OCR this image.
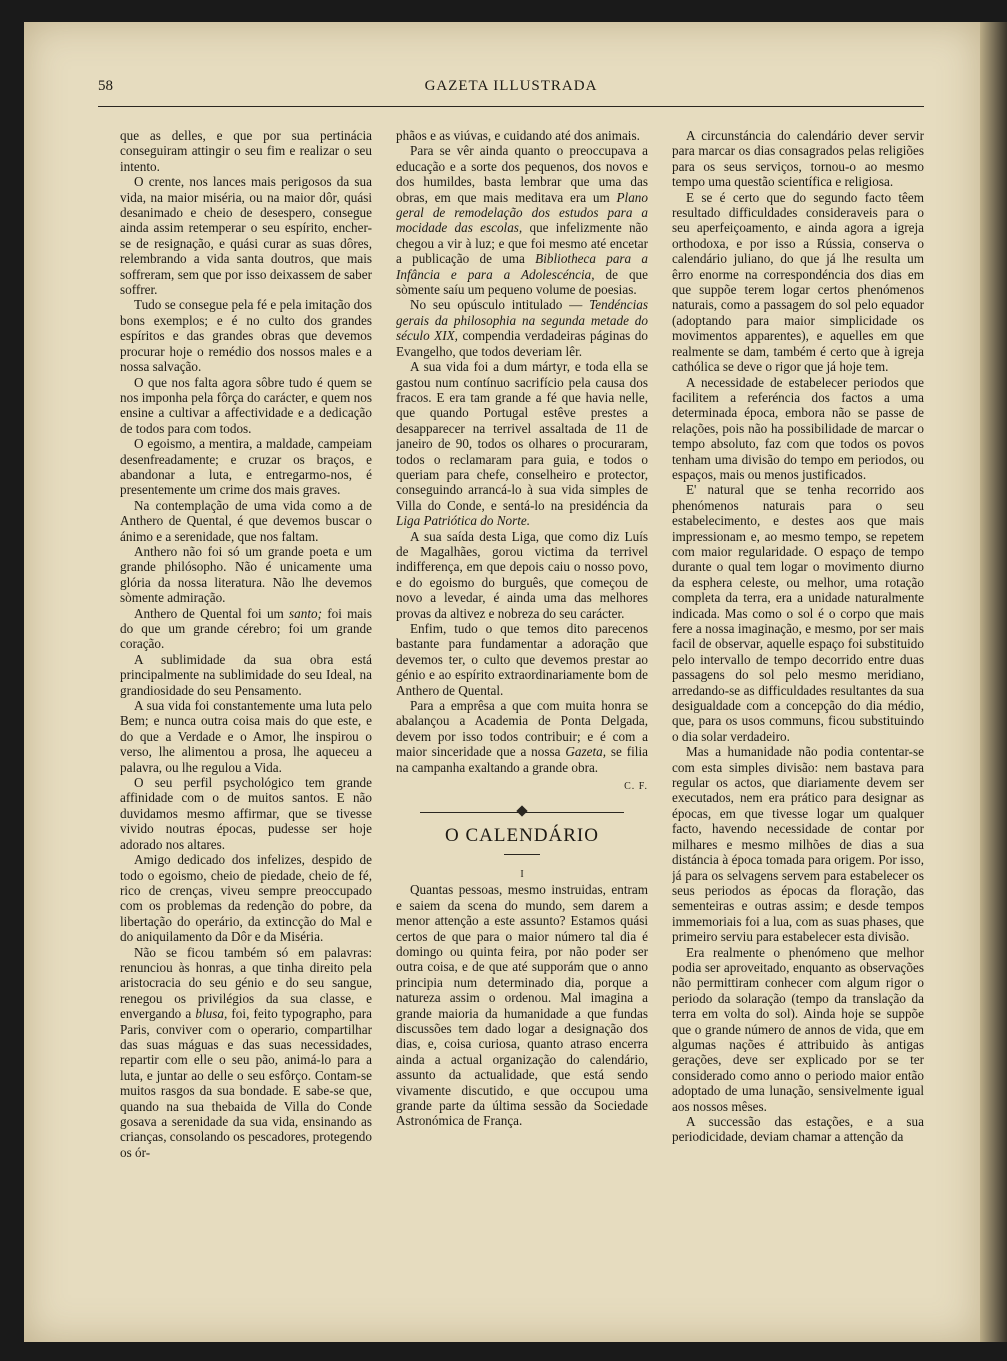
58	GAZETA ILLUSTRADA

que as delles, e que por sua pertinácia conseguiram attingir o seu fim e realizar o seu intento.

O crente, nos lances mais perigosos da sua vida, na maior miséria, ou na maior dôr, quási desanimado e cheio de desespero, consegue ainda assim retemperar o seu espírito, encher-se de resignação, e quási curar as suas dôres, relembrando a vida santa doutros, que mais soffreram, sem que por isso deixassem de saber soffrer.

Tudo se consegue pela fé e pela imitação dos bons exemplos; e é no culto dos grandes espíritos e das grandes obras que devemos procurar hoje o remédio dos nossos males e a nossa salvação.

O que nos falta agora sôbre tudo é quem se nos imponha pela fôrça do carácter, e quem nos ensine a cultivar a affectividade e a dedicação de todos para com todos.

O egoismo, a mentira, a maldade, campeiam desenfreadamente; e cruzar os braços, e abandonar a luta, e entregarmo-nos, é presentemente um crime dos mais graves.

Na contemplação de uma vida como a de Anthero de Quental, é que devemos buscar o ánimo e a serenidade, que nos faltam.

Anthero não foi só um grande poeta e um grande philósopho. Não é unicamente uma glória da nossa literatura. Não lhe devemos sòmente admiração.

Anthero de Quental foi um santo; foi mais do que um grande cérebro; foi um grande coração.

A sublimidade da sua obra está principalmente na sublimidade do seu Ideal, na grandiosidade do seu Pensamento.

A sua vida foi constantemente uma luta pelo Bem; e nunca outra coisa mais do que este, e do que a Verdade e o Amor, lhe inspirou o verso, lhe alimentou a prosa, lhe aqueceu a palavra, ou lhe regulou a Vida.

O seu perfil psychológico tem grande affinidade com o de muitos santos. E não duvidamos mesmo affirmar, que se tivesse vivido noutras épocas, pudesse ser hoje adorado nos altares.

Amigo dedicado dos infelizes, despido de todo o egoismo, cheio de piedade, cheio de fé, rico de crenças, viveu sempre preoccupado com os problemas da redenção do pobre, da libertação do operário, da extincção do Mal e do aniquilamento da Dôr e da Miséria.

Não se ficou também só em palavras: renunciou às honras, a que tinha direito pela aristocracia do seu génio e do seu sangue, renegou os privilégios da sua classe, e envergando a blusa, foi, feito typographo, para Paris, conviver com o operario, compartilhar das suas máguas e das suas necessidades, repartir com elle o seu pão, animá-lo para a luta, e juntar ao delle o seu esfôrço. Contam-se muitos rasgos da sua bondade. E sabe-se que, quando na sua thebaida de Villa do Conde gosava a serenidade da sua vida, ensinando as crianças, consolando os pescadores, protegendo os ór-

phãos e as viúvas, e cuidando até dos animais.

Para se vêr ainda quanto o preoccupava a educação e a sorte dos pequenos, dos novos e dos humildes, basta lembrar que uma das obras, em que mais meditava era um Plano geral de remodelação dos estudos para a mocidade das escolas, que infelizmente não chegou a vir à luz; e que foi mesmo até encetar a publicação de uma Bibliotheca para a Infância e para a Adolescéncia, de que sòmente saíu um pequeno volume de poesias.

No seu opúsculo intitulado — Tendéncias gerais da philosophia na segunda metade do século XIX, compendia verdadeiras páginas do Evangelho, que todos deveriam lêr.

A sua vida foi a dum mártyr, e toda ella se gastou num contínuo sacrifício pela causa dos fracos. E era tam grande a fé que havia nelle, que quando Portugal estêve prestes a desapparecer na terrivel assaltada de 11 de janeiro de 90, todos os olhares o procuraram, todos o reclamaram para guia, e todos o queriam para chefe, conselheiro e protector, conseguindo arrancá-lo à sua vida simples de Villa do Conde, e sentá-lo na presidéncia da Liga Patriótica do Norte.

A sua saída desta Liga, que como diz Luís de Magalhães, gorou victima da terrivel indifferença, em que depois caiu o nosso povo, e do egoismo do burguês, que começou de novo a levedar, é ainda uma das melhores provas da altivez e nobreza do seu carácter.

Enfim, tudo o que temos dito parecenos bastante para fundamentar a adoração que devemos ter, o culto que devemos prestar ao génio e ao espírito extraordinariamente bom de Anthero de Quental.

Para a emprêsa a que com muita honra se abalançou a Academia de Ponta Delgada, devem por isso todos contribuir; e é com a maior sinceridade que a nossa Gazeta, se filia na campanha exaltando a grande obra.

C. F.

O CALENDÁRIO

I

Quantas pessoas, mesmo instruidas, entram e saiem da scena do mundo, sem darem a menor attenção a este assunto? Estamos quási certos de que para o maior número tal dia é domingo ou quinta feira, por não poder ser outra coisa, e de que até supporám que o anno principia num determinado dia, porque a natureza assim o ordenou. Mal imagina a grande maioria da humanidade a que fundas discussões tem dado logar a designação dos dias, e, coisa curiosa, quanto atraso encerra ainda a actual organização do calendário, assunto da actualidade, que está sendo vivamente discutido, e que occupou uma grande parte da última sessão da Sociedade Astronómica de França.

A circunstáncia do calendário dever servir para marcar os dias consagrados pelas religiões para os seus serviços, tornou-o ao mesmo tempo uma questão scientífica e religiosa.

E se é certo que do segundo facto têem resultado difficuldades consideraveis para o seu aperfeiçoamento, e ainda agora a igreja orthodoxa, e por isso a Rússia, conserva o calendário juliano, do que já lhe resulta um êrro enorme na correspondéncia dos dias em que suppõe terem logar certos phenómenos naturais, como a passagem do sol pelo equador (adoptando para maior simplicidade os movimentos apparentes), e aquelles em que realmente se dam, também é certo que à igreja cathólica se deve o rigor que já hoje tem.

A necessidade de estabelecer periodos que facilitem a referéncia dos factos a uma determinada época, embora não se passe de relações, pois não ha possibilidade de marcar o tempo absoluto, faz com que todos os povos tenham uma divisão do tempo em periodos, ou espaços, mais ou menos justificados.

E' natural que se tenha recorrido aos phenómenos naturais para o seu estabelecimento, e destes aos que mais impressionam e, ao mesmo tempo, se repetem com maior regularidade. O espaço de tempo durante o qual tem logar o movimento diurno da esphera celeste, ou melhor, uma rotação completa da terra, era a unidade naturalmente indicada. Mas como o sol é o corpo que mais fere a nossa imaginação, e mesmo, por ser mais facil de observar, aquelle espaço foi substituido pelo intervallo de tempo decorrido entre duas passagens do sol pelo mesmo meridiano, arredando-se as difficuldades resultantes da sua desigualdade com a concepção do dia médio, que, para os usos communs, ficou substituindo o dia solar verdadeiro.

Mas a humanidade não podia contentar-se com esta simples divisão: nem bastava para regular os actos, que diariamente devem ser executados, nem era prático para designar as épocas, em que tivesse logar um qualquer facto, havendo necessidade de contar por milhares e mesmo milhões de dias a sua distáncia à época tomada para origem. Por isso, já para os selvagens servem para estabelecer os seus periodos as épocas da floração, das sementeiras e outras assim; e desde tempos immemoriais foi a lua, com as suas phases, que primeiro serviu para estabelecer esta divisão.

Era realmente o phenómeno que melhor podia ser aproveitado, enquanto as observações não permittiram conhecer com algum rigor o periodo da solaração (tempo da translação da terra em volta do sol). Ainda hoje se suppõe que o grande número de annos de vida, que em algumas nações é attribuido às antigas gerações, deve ser explicado por se ter considerado como anno o periodo maior então adoptado de uma lunação, sensivelmente igual aos nossos mêses.

A successão das estações, e a sua periodicidade, deviam chamar a attenção da
